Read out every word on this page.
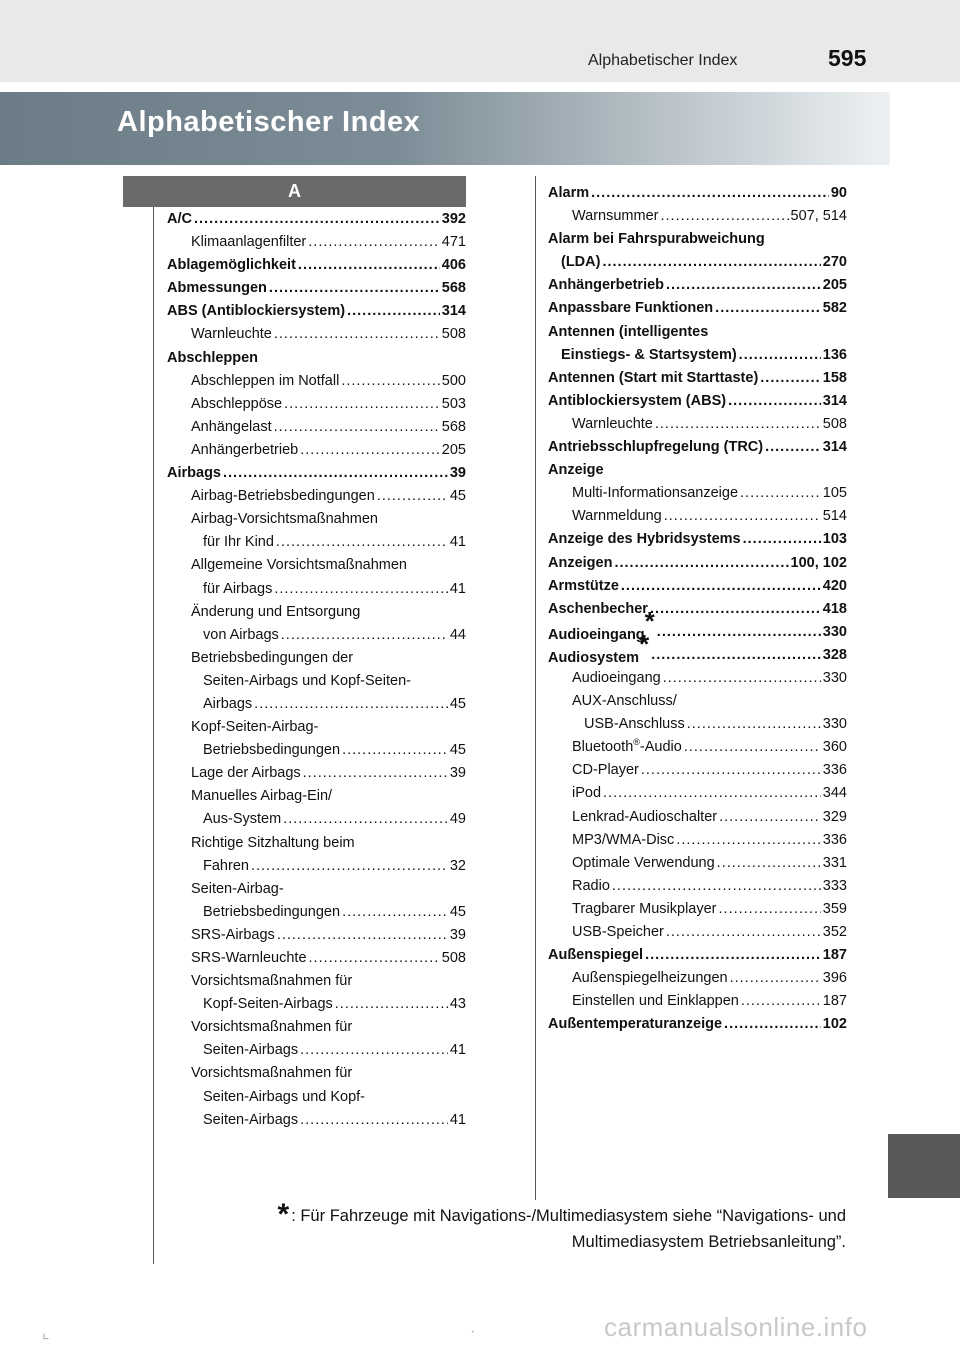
Alphabetischer Index	595
Alphabetischer Index
A
A/C .....	392
Klimaanlagenfilter .....	471
Ablagemöglichkeit .....	406
Abmessungen .....	568
ABS (Antiblockiersystem) .....	314
Warnleuchte .....	508
Abschleppen
Abschleppen im Notfall .....	500
Abschleppöse .....	503
Anhängelast .....	568
Anhängerbetrieb .....	205
Airbags .....	39
Airbag-Betriebsbedingungen .....	45
Airbag-Vorsichtsmaßnahmen
für Ihr Kind .....	41
Allgemeine Vorsichtsmaßnahmen
für Airbags .....	41
Änderung und Entsorgung
von Airbags .....	44
Betriebsbedingungen der
Seiten-Airbags und Kopf-Seiten-
Airbags .....	45
Kopf-Seiten-Airbag-
Betriebsbedingungen .....	45
Lage der Airbags .....	39
Manuelles Airbag-Ein/
Aus-System .....	49
Richtige Sitzhaltung beim
Fahren .....	32
Seiten-Airbag-
Betriebsbedingungen .....	45
SRS-Airbags .....	39
SRS-Warnleuchte .....	508
Vorsichtsmaßnahmen für
Kopf-Seiten-Airbags .....	43
Vorsichtsmaßnahmen für
Seiten-Airbags .....	41
Vorsichtsmaßnahmen für
Seiten-Airbags und Kopf-
Seiten-Airbags .....	41
Alarm .....	90
Warnsummer .....	507, 514
Alarm bei Fahrspurabweichung
(LDA) .....	270
Anhängerbetrieb .....	205
Anpassbare Funktionen .....	582
Antennen (intelligentes
Einstiegs- & Startsystem) .....	136
Antennen (Start mit Starttaste) .....	158
Antiblockiersystem (ABS) .....	314
Warnleuchte .....	508
Antriebsschlupfregelung (TRC) .....	314
Anzeige
Multi-Informationsanzeige .....	105
Warnmeldung .....	514
Anzeige des Hybridsystems .....	103
Anzeigen .....	100, 102
Armstütze .....	420
Aschenbecher .....	418
Audioeingang* .....	330
Audiosystem* .....	328
Audioeingang .....	330
AUX-Anschluss/
USB-Anschluss .....	330
Bluetooth®-Audio .....	360
CD-Player .....	336
iPod .....	344
Lenkrad-Audioschalter .....	329
MP3/WMA-Disc .....	336
Optimale Verwendung .....	331
Radio .....	333
Tragbarer Musikplayer .....	359
USB-Speicher .....	352
Außenspiegel .....	187
Außenspiegelheizungen .....	396
Einstellen und Einklappen .....	187
Außentemperaturanzeige .....	102
* : Für Fahrzeuge mit Navigations-/Multimediasystem siehe “Navigations- und
Multimediasystem Betriebsanleitung”.
⌞	·	carmanualsonline.info
